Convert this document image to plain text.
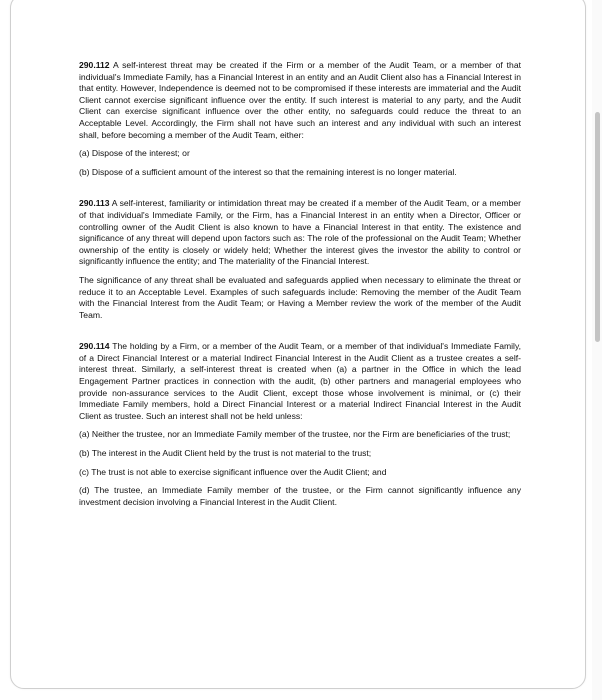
290.112 A self-interest threat may be created if the Firm or a member of the Audit Team, or a member of that individual's Immediate Family, has a Financial Interest in an entity and an Audit Client also has a Financial Interest in that entity. However, Independence is deemed not to be compromised if these interests are immaterial and the Audit Client cannot exercise significant influence over the entity. If such interest is material to any party, and the Audit Client can exercise significant influence over the other entity, no safeguards could reduce the threat to an Acceptable Level. Accordingly, the Firm shall not have such an interest and any individual with such an interest shall, before becoming a member of the Audit Team, either:

(a) Dispose of the interest; or

(b) Dispose of a sufficient amount of the interest so that the remaining interest is no longer material.

290.113 A self-interest, familiarity or intimidation threat may be created if a member of the Audit Team, or a member of that individual's Immediate Family, or the Firm, has a Financial Interest in an entity when a Director, Officer or controlling owner of the Audit Client is also known to have a Financial Interest in that entity. The existence and significance of any threat will depend upon factors such as: The role of the professional on the Audit Team; Whether ownership of the entity is closely or widely held; Whether the interest gives the investor the ability to control or significantly influence the entity; and The materiality of the Financial Interest.

The significance of any threat shall be evaluated and safeguards applied when necessary to eliminate the threat or reduce it to an Acceptable Level. Examples of such safeguards include: Removing the member of the Audit Team with the Financial Interest from the Audit Team; or Having a Member review the work of the member of the Audit Team.

290.114 The holding by a Firm, or a member of the Audit Team, or a member of that individual's Immediate Family, of a Direct Financial Interest or a material Indirect Financial Interest in the Audit Client as a trustee creates a self-interest threat. Similarly, a self-interest threat is created when (a) a partner in the Office in which the lead Engagement Partner practices in connection with the audit, (b) other partners and managerial employees who provide non-assurance services to the Audit Client, except those whose involvement is minimal, or (c) their Immediate Family members, hold a Direct Financial Interest or a material Indirect Financial Interest in the Audit Client as trustee. Such an interest shall not be held unless:

(a) Neither the trustee, nor an Immediate Family member of the trustee, nor the Firm are beneficiaries of the trust;

(b) The interest in the Audit Client held by the trust is not material to the trust;

(c) The trust is not able to exercise significant influence over the Audit Client; and

(d) The trustee, an Immediate Family member of the trustee, or the Firm cannot significantly influence any investment decision involving a Financial Interest in the Audit Client.
